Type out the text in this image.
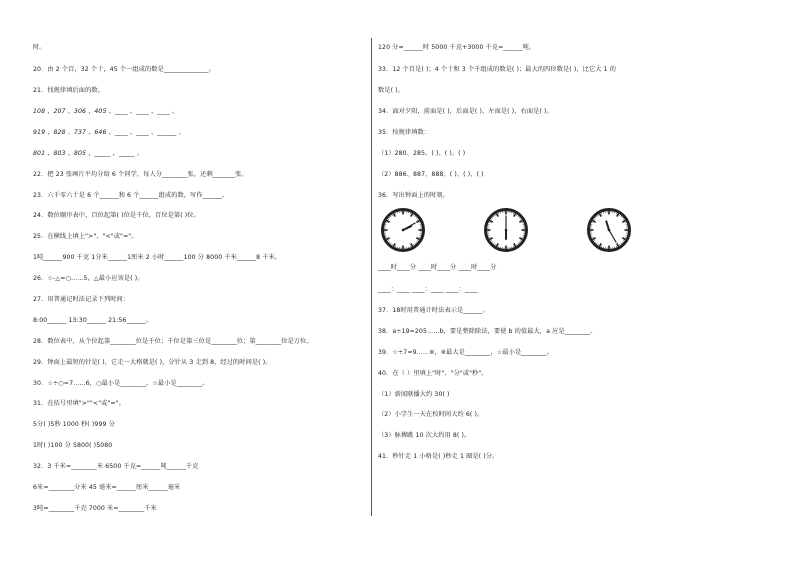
时。
20．由 2 个百，32 个十，45 个一组成的数是______________。
21．找规律填后面的数。
108 、207 、306 、405 、____ 、____ 、____ 。
919 、828 、737 、646 、____ 、____ 、______ 。
801 、803 、805 、_____ 、_____ 。
22．把 23 张画片平均分给 6 个同学，每人分________张，还剩_______张。
23．六千零六十是 6 个______和 6 个______组成的数，写作______。
24．数位顺序表中，百位起第( )位是千位，百位是第( )位。
25．在横线上填上">"、"<"或"="。
1吨______900 千克 1分米______1厘米 2 小时______100 分 8000 千米______8 千米。
26．☆-△=○……5，△最小应该是( )。
27．用普通记时法记录下列时间：
8:00______ 13:30______ 21:56______。
28．数位表中，从个位起第________位是千位；千位是第三位是________位；第________位是万位。
29．钟面上最短的针是( )，它走一大格就是( )，分针从 3 走到 8，经过的时间是( )。
30．☆÷○=7……6，○最小是________，☆最小是________。
31．在括号里填">""<"或"="。
5分( )5秒 1000 秒( )999 分
1时( )100 分 5800( )5080
32．3 千米=________米 6500 千克=______吨______千克
6米=________分米 45 毫米=______厘米______毫米
3吨=________千克 7000 米=________千米
120 分=______时 5000 千克+3000 千克=______吨。
33．12 个百是( )；4 个十和 3 个千组成的数是( )；最大的四位数是( )，比它大 1 的
数是( )。
34．面对夕阳，前面是( )，后面是( )，左面是( )，右面是( )。
35．按规律填数：
（1）280、285、( )、( )、( )
（2）886、887、888、( )、( )、( )
36．写出钟面上的时刻。
____时____分 ____时____分 ____时____分
____：____ ____：____ ____：____
37．18时用普通计时法表示是______。
38．a÷19=205……b，要是整除除法，要使 b 的值最大，a 应是________。
39．☆÷7=9……※，※最大是________，☆最小是________。
40．在（ ）里填上"时"、"分"或"秒"。
（1）新闻联播大约 30( )
（2）小学生一天在校时间大约 6( )。
（3）脉搏跳 10 次大约用 8( )。
41．秒针走 1 小格是( )秒走 1 圈是( )分。
